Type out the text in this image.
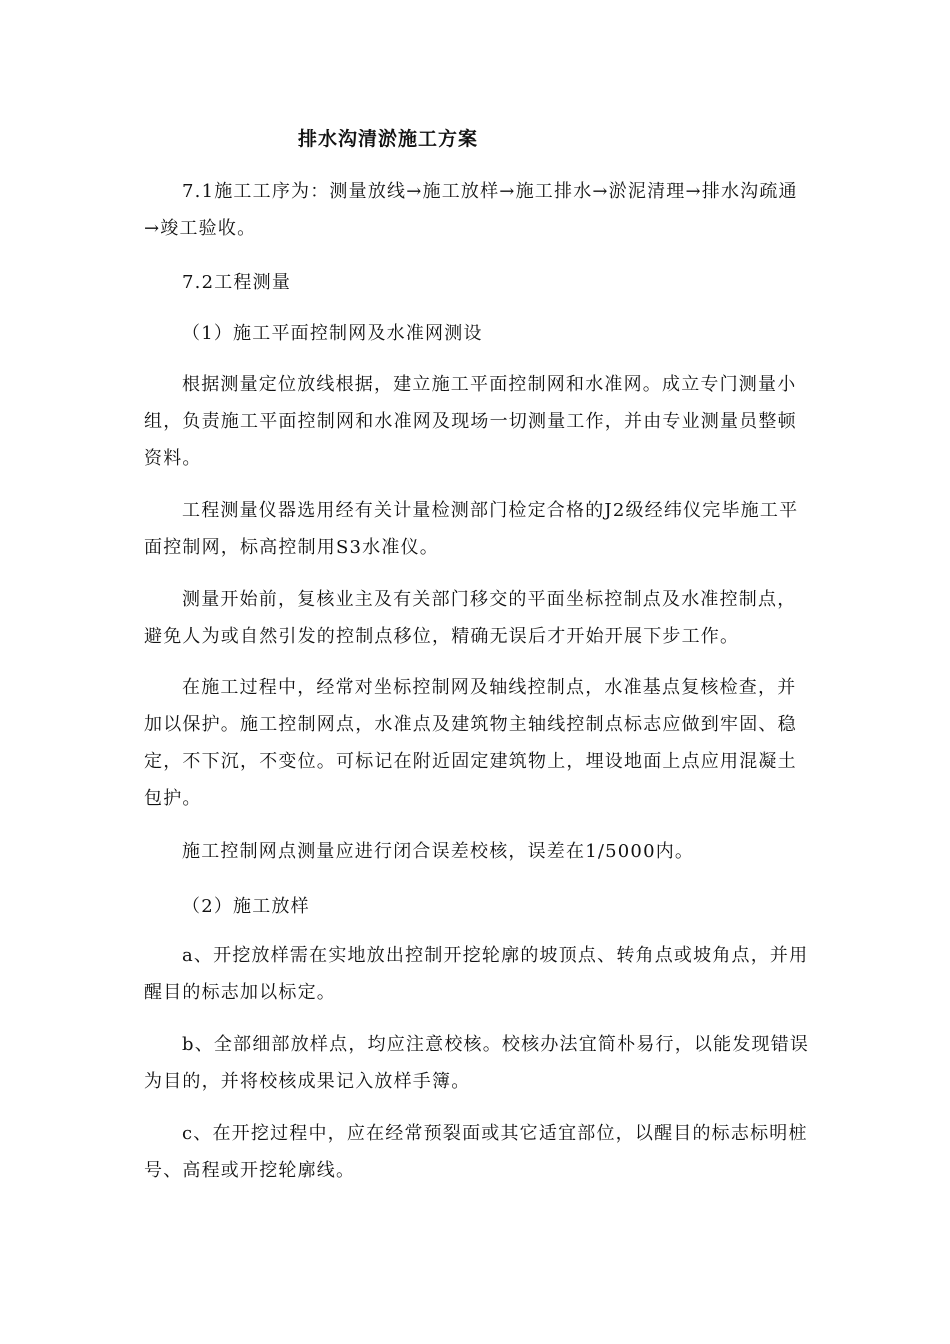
排水沟清淤施工方案

7.1施工工序为：测量放线→施工放样→施工排水→淤泥清理→排水沟疏通→竣工验收。

7.2工程测量

（1）施工平面控制网及水准网测设

根据测量定位放线根据，建立施工平面控制网和水准网。成立专门测量小组，负责施工平面控制网和水准网及现场一切测量工作，并由专业测量员整顿资料。

工程测量仪器选用经有关计量检测部门检定合格的J2级经纬仪完毕施工平面控制网，标高控制用S3水准仪。

测量开始前，复核业主及有关部门移交的平面坐标控制点及水准控制点，避免人为或自然引发的控制点移位，精确无误后才开始开展下步工作。

在施工过程中，经常对坐标控制网及轴线控制点，水准基点复核检查，并加以保护。施工控制网点，水准点及建筑物主轴线控制点标志应做到牢固、稳定，不下沉，不变位。可标记在附近固定建筑物上，埋设地面上点应用混凝土包护。

施工控制网点测量应进行闭合误差校核，误差在1/5000内。

（2）施工放样

a、开挖放样需在实地放出控制开挖轮廓的坡顶点、转角点或坡角点，并用醒目的标志加以标定。

b、全部细部放样点，均应注意校核。校核办法宜简朴易行，以能发现错误为目的，并将校核成果记入放样手簿。

c、在开挖过程中，应在经常预裂面或其它适宜部位，以醒目的标志标明桩号、高程或开挖轮廓线。
